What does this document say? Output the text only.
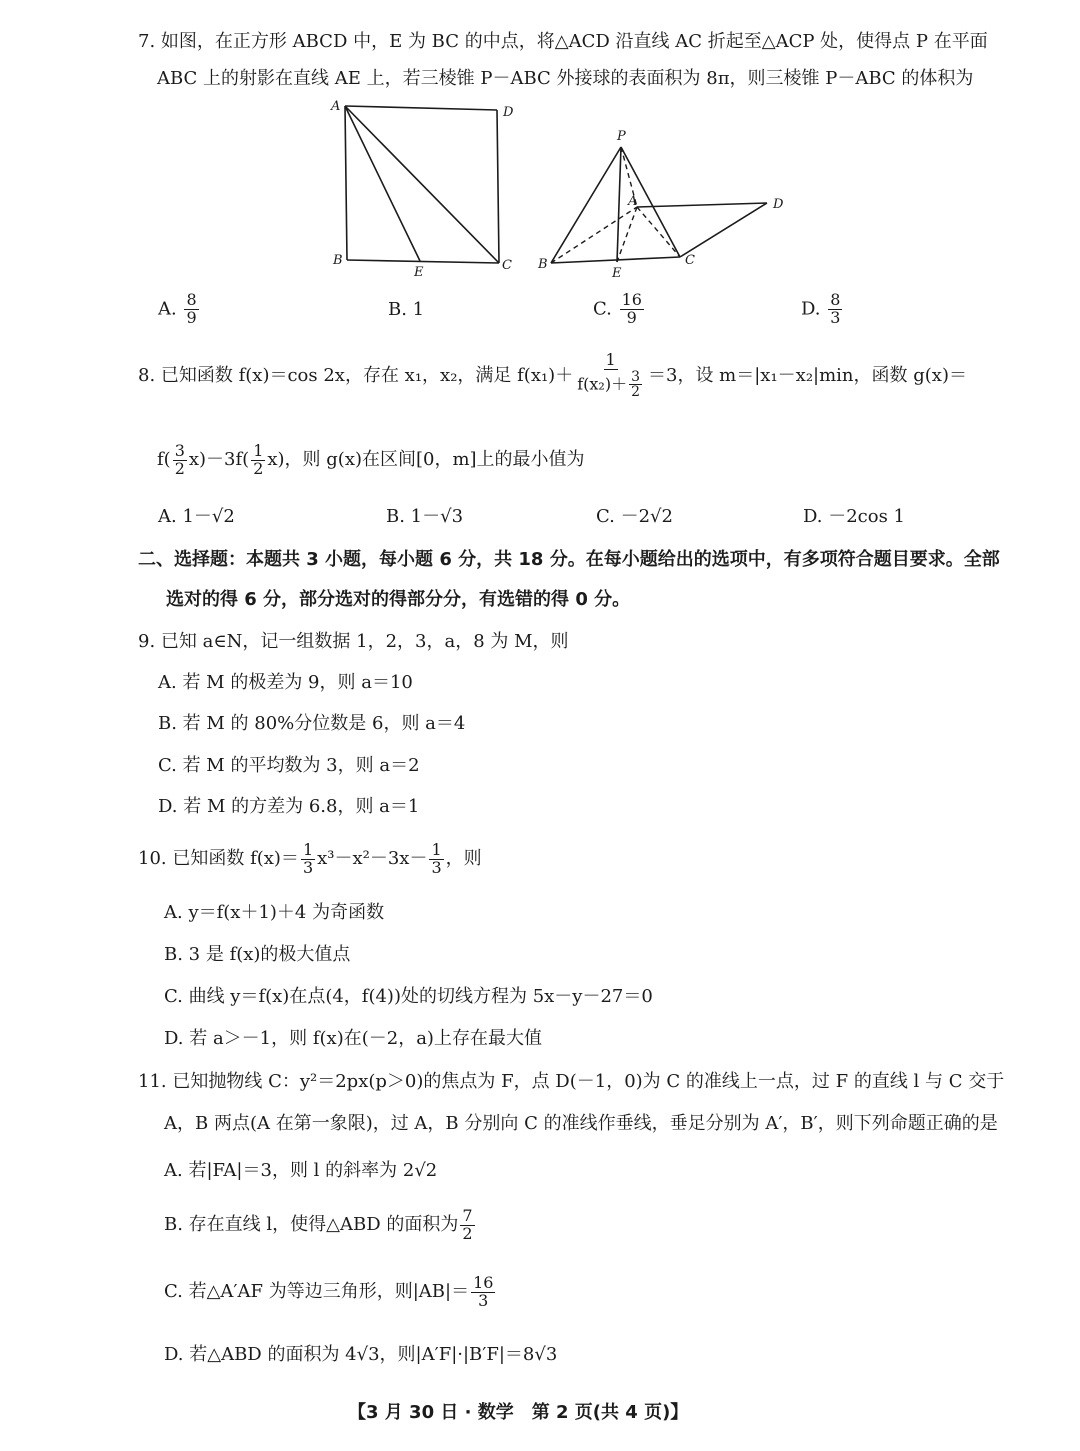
7. 如图，在正方形 ABCD 中，E 为 BC 的中点，将△ACD 沿直线 AC 折起至△ACP 处，使得点 P 在平面
ABC 上的射影在直线 AE 上，若三棱锥 P－ABC 外接球的表面积为 8π，则三棱锥 P－ABC 的体积为
A	D
B	C
E
P
A
B	C
D
E
A. $\frac{8}{9}$	B. 1	C. $\frac{16}{9}$	D. $\frac{8}{3}$
8. 已知函数 f(x)＝cos 2x，存在 x₁，x₂，满足 $f(x_1)+ \frac{1}{f(x_2)+ \frac{3}{2}} =3$，设 m＝|x₁－x₂|min，函数 g(x)＝
$f( \frac{3}{2} x)-3f( \frac{1}{2} x)$，则 g(x)在区间[0，m]上的最小值为
A. 1－√2	B. 1－√3	C. －2√2	D. －2cos 1
二、选择题：本题共 3 小题，每小题 6 分，共 18 分。在每小题给出的选项中，有多项符合题目要求。全部
选对的得 6 分，部分选对的得部分分，有选错的得 0 分。
9. 已知 a∈N，记一组数据 1，2，3，a，8 为 M，则
A. 若 M 的极差为 9，则 a＝10
B. 若 M 的 80%分位数是 6，则 a＝4
C. 若 M 的平均数为 3，则 a＝2
D. 若 M 的方差为 6.8，则 a＝1
10. 已知函数 $f(x)= \frac{1}{3} x^3-x^2-3x- \frac{1}{3}$ ，则
A. y＝f(x＋1)＋4 为奇函数
B. 3 是 f(x)的极大值点
C. 曲线 y＝f(x)在点(4，f(4))处的切线方程为 5x－y－27＝0
D. 若 a＞－1，则 f(x)在(－2，a)上存在最大值
11. 已知抛物线 C：y²＝2px(p＞0)的焦点为 F，点 D(－1，0)为 C 的准线上一点，过 F 的直线 l 与 C 交于
A，B 两点(A 在第一象限)，过 A，B 分别向 C 的准线作垂线，垂足分别为 A′，B′，则下列命题正确的是
A. 若|FA|＝3，则 l 的斜率为 2√2
B. 存在直线 l，使得△ABD 的面积为 $\frac{7}{2}$
C. 若△A′AF 为等边三角形，则$|AB|= \frac{16}{3}$
D. 若△ABD 的面积为 4√3，则|A′F|·|B′F|＝8√3
【3 月 30 日 · 数学　第 2 页(共 4 页)】
